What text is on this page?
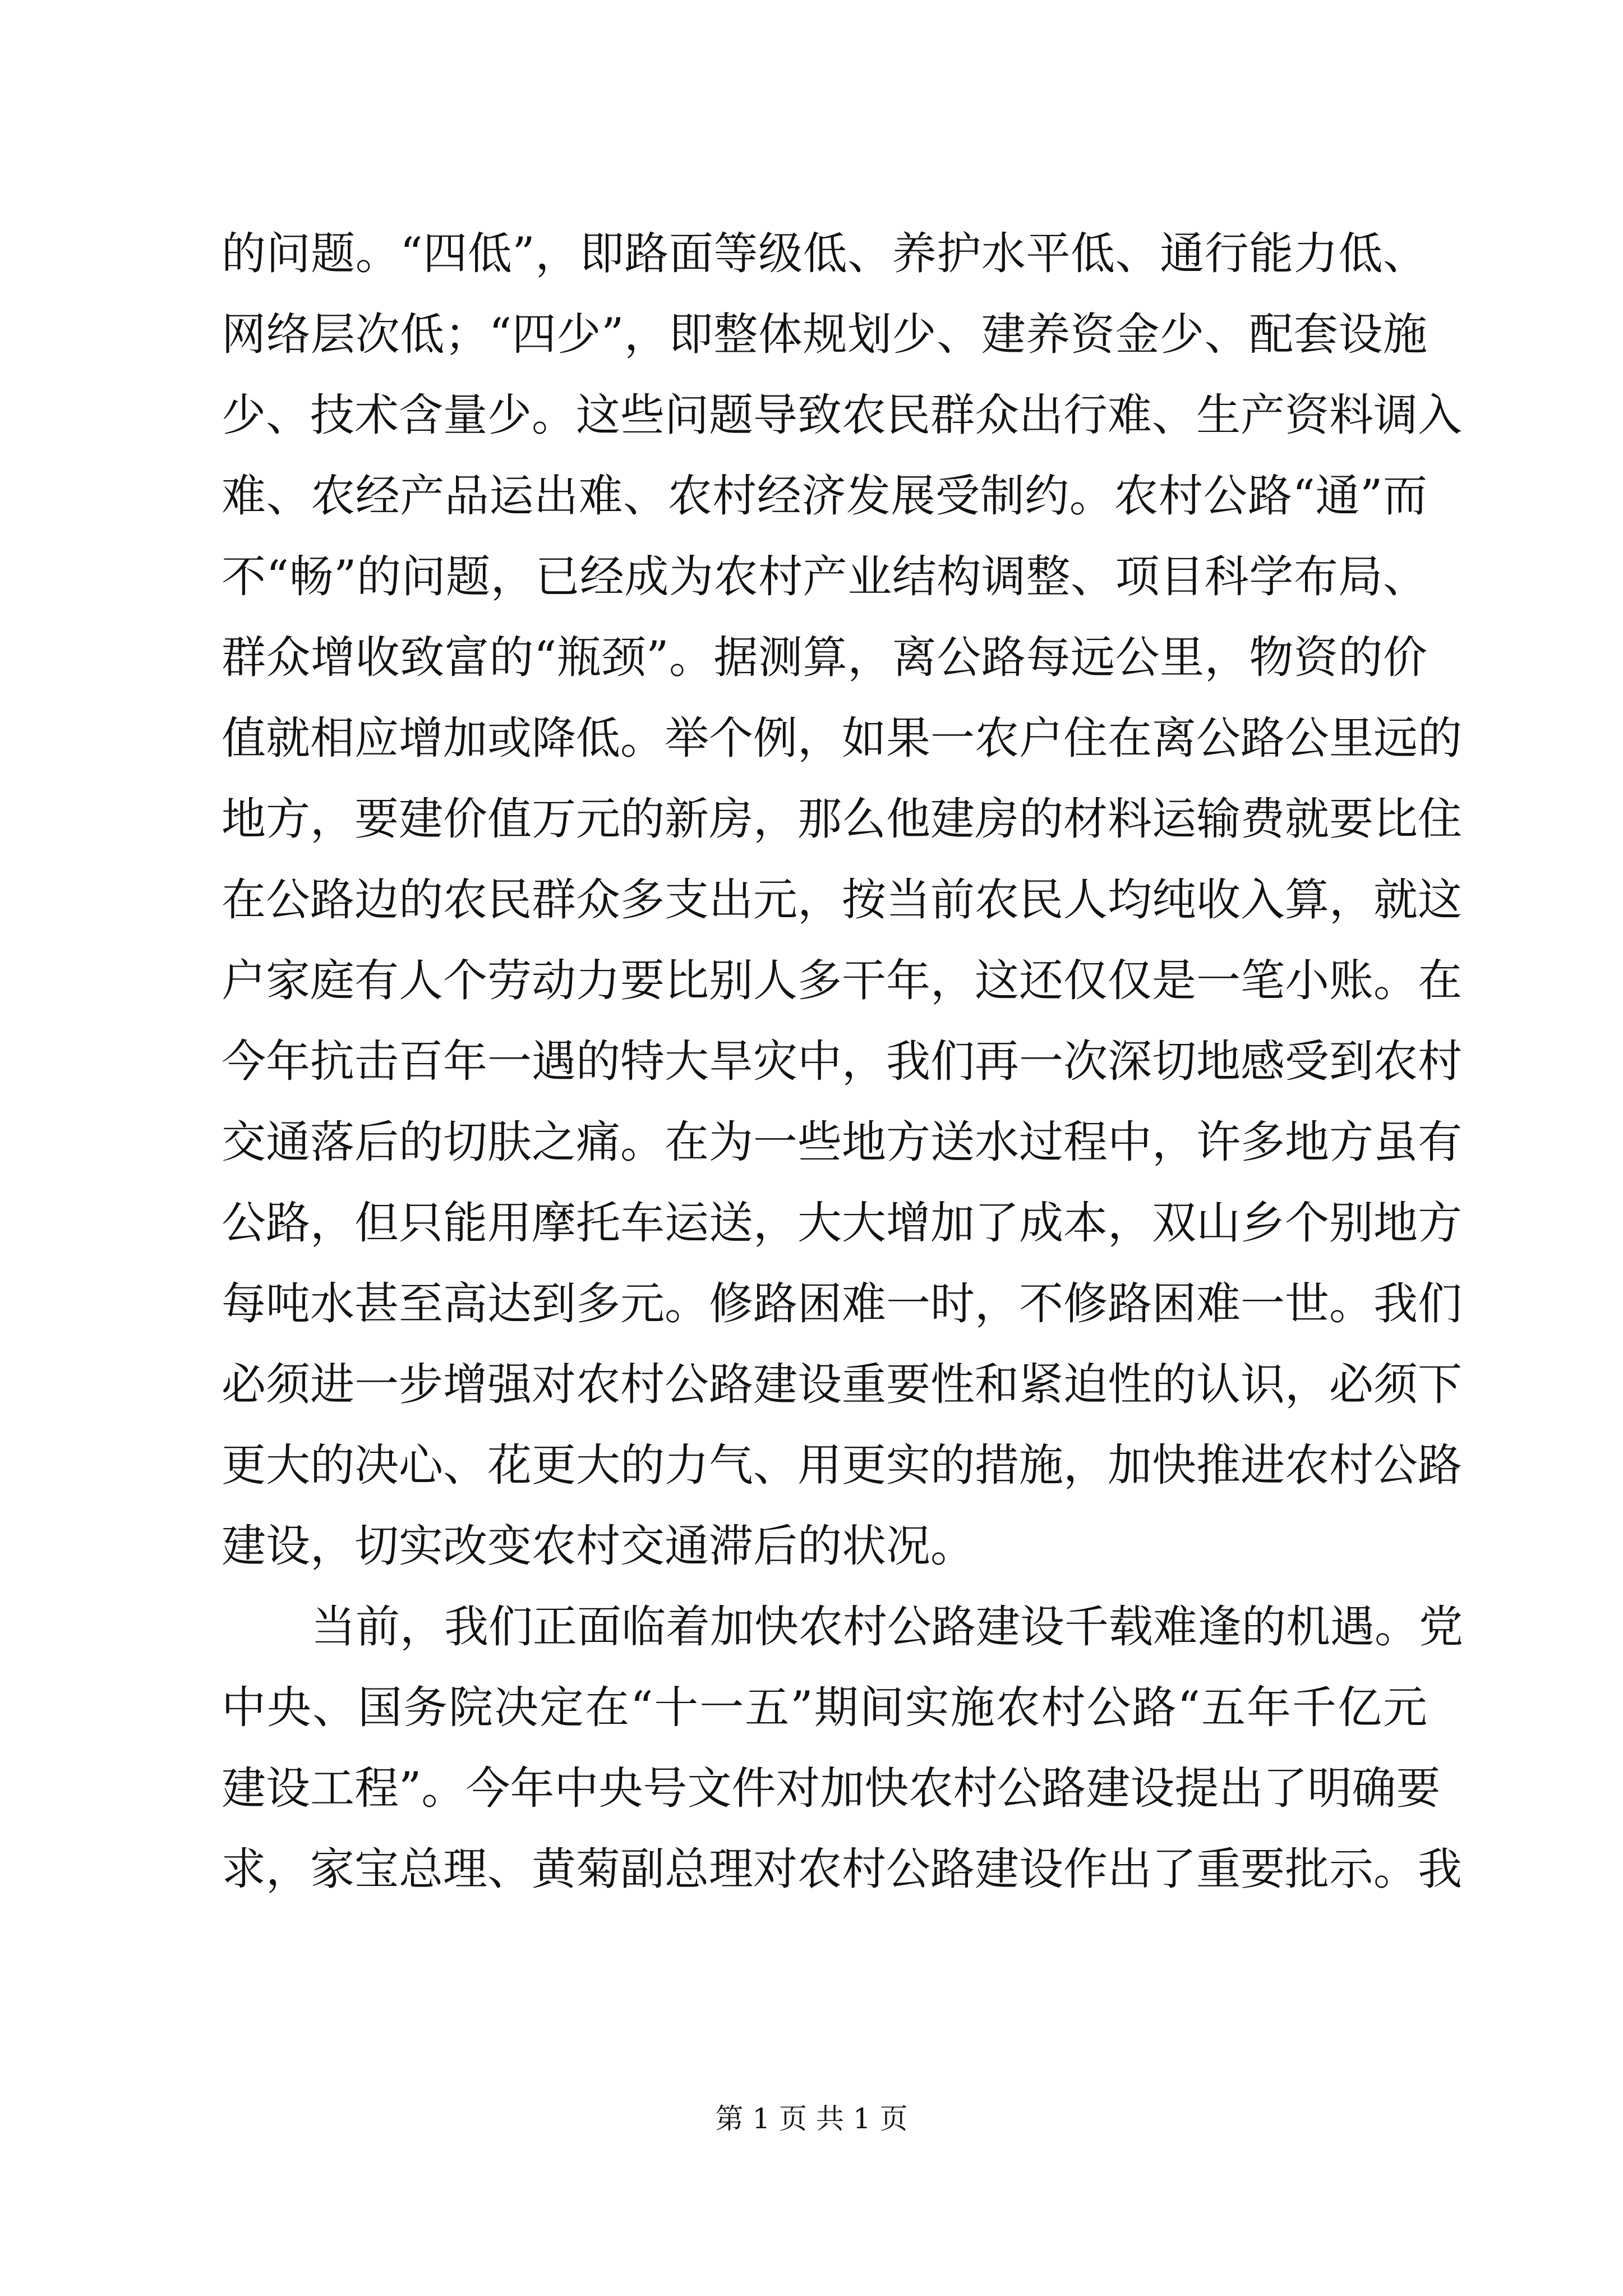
的问题。“四低”，即路面等级低、养护水平低、通行能力低、
网络层次低；“四少”，即整体规划少、建养资金少、配套设施
少、技术含量少。这些问题导致农民群众出行难、生产资料调入
难、农经产品运出难、农村经济发展受制约。农村公路“通”而
不“畅”的问题，已经成为农村产业结构调整、项目科学布局、
群众增收致富的“瓶颈”。据测算，离公路每远公里，物资的价
值就相应增加或降低。举个例，如果一农户住在离公路公里远的
地方，要建价值万元的新房，那么他建房的材料运输费就要比住
在公路边的农民群众多支出元，按当前农民人均纯收入算，就这
户家庭有人个劳动力要比别人多干年，这还仅仅是一笔小账。在
今年抗击百年一遇的特大旱灾中，我们再一次深切地感受到农村
交通落后的切肤之痛。在为一些地方送水过程中，许多地方虽有
公路，但只能用摩托车运送，大大增加了成本，双山乡个别地方
每吨水甚至高达到多元。修路困难一时，不修路困难一世。我们
必须进一步增强对农村公路建设重要性和紧迫性的认识，必须下
更大的决心、花更大的力气、用更实的措施，加快推进农村公路
建设，切实改变农村交通滞后的状况。
当前，我们正面临着加快农村公路建设千载难逢的机遇。党
中央、国务院决定在“十一五”期间实施农村公路“五年千亿元
建设工程”。今年中央号文件对加快农村公路建设提出了明确要
求，家宝总理、黄菊副总理对农村公路建设作出了重要批示。我
第 1 页 共 1 页
